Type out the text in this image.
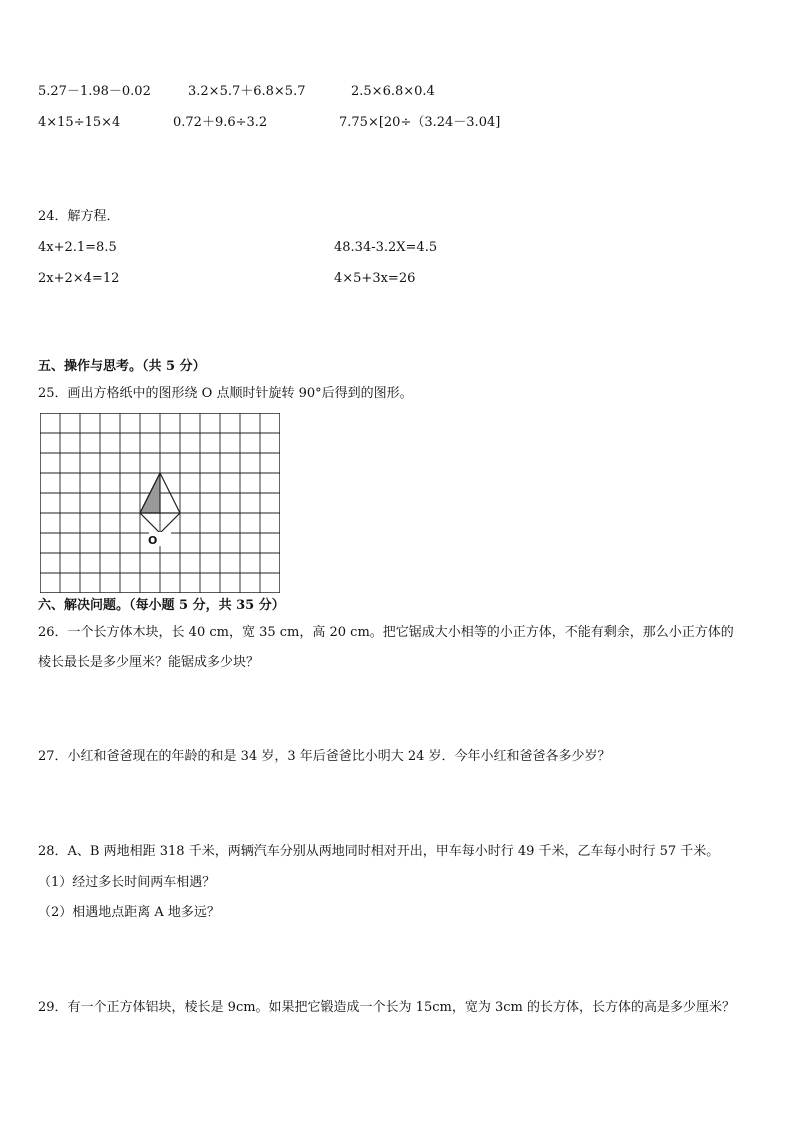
5.27－1.98－0.02	3.2×5.7＋6.8×5.7	2.5×6.8×0.4
4×15÷15×4	0.72＋9.6÷3.2	7.75×[20÷（3.24－3.04]
24．解方程．
4x+2.1=8.5	48.34-3.2X=4.5
2x+2×4=12	4×5+3x=26
五、操作与思考。（共 5 分）
25．画出方格纸中的图形绕 O 点顺时针旋转 90°后得到的图形。
O
六、解决问题。（每小题 5 分，共 35 分）
26．一个长方体木块，长 40 cm，宽 35 cm，高 20 cm。把它锯成大小相等的小正方体，不能有剩余，那么小正方体的
棱长最长是多少厘米？能锯成多少块？
27．小红和爸爸现在的年龄的和是 34 岁，3 年后爸爸比小明大 24 岁．今年小红和爸爸各多少岁？
28．A、B 两地相距 318 千米，两辆汽车分别从两地同时相对开出，甲车每小时行 49 千米，乙车每小时行 57 千米。
（1）经过多长时间两车相遇？
（2）相遇地点距离 A 地多远？
29．有一个正方体铝块，棱长是 9cm。如果把它锻造成一个长为 15cm，宽为 3cm 的长方体，长方体的高是多少厘米？
